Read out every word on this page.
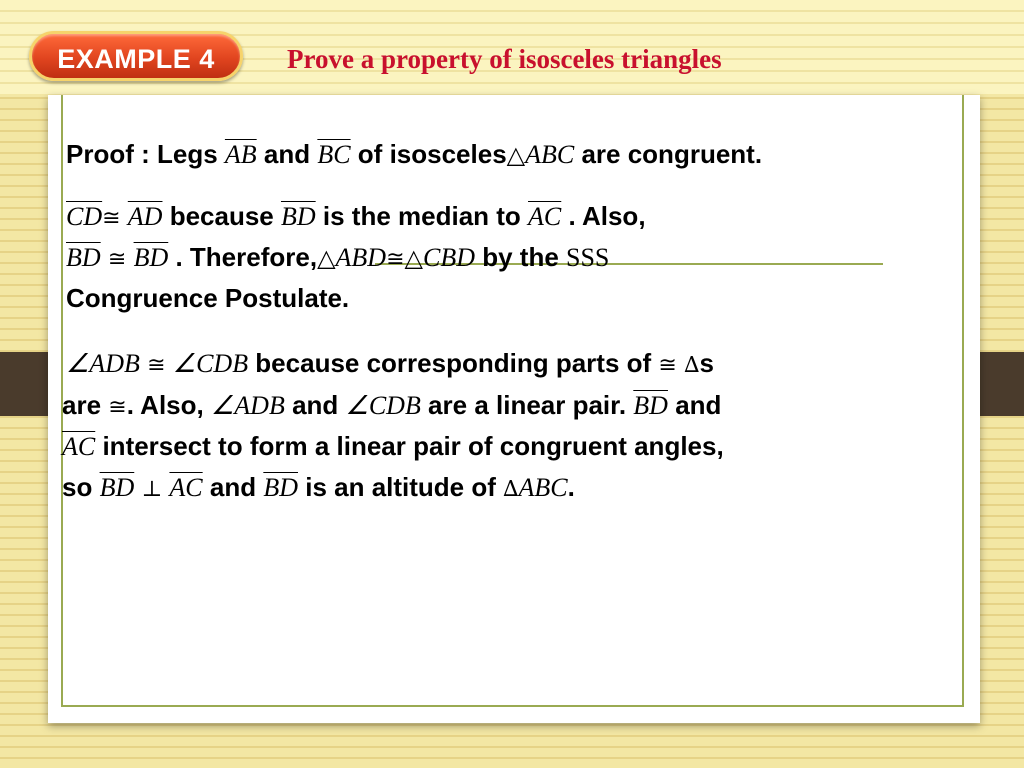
EXAMPLE 4	Prove a property of isosceles triangles
Proof : Legs $\overline{AB}$ and $\overline{BC}$ of isosceles△ABC are congruent.
$\overline{CD}≅$ $\overline{AD}$ because $\overline{BD}$ is the median to $\overline{AC}$ . Also,
$\overline{BD}$ ≅ $\overline{BD}$ . Therefore,△ABD≅△CBD by the SSS
Congruence Postulate.
∠ADB ≅ ∠CDB because corresponding parts of ≅ ∆s
are ≅. Also, ∠ADB and ∠CDB are a linear pair. $\overline{BD}$ and
$\overline{AC}$ intersect to form a linear pair of congruent angles,
so $\overline{BD}$ ⊥ $\overline{AC}$ and $\overline{BD}$ is an altitude of ∆ABC.
